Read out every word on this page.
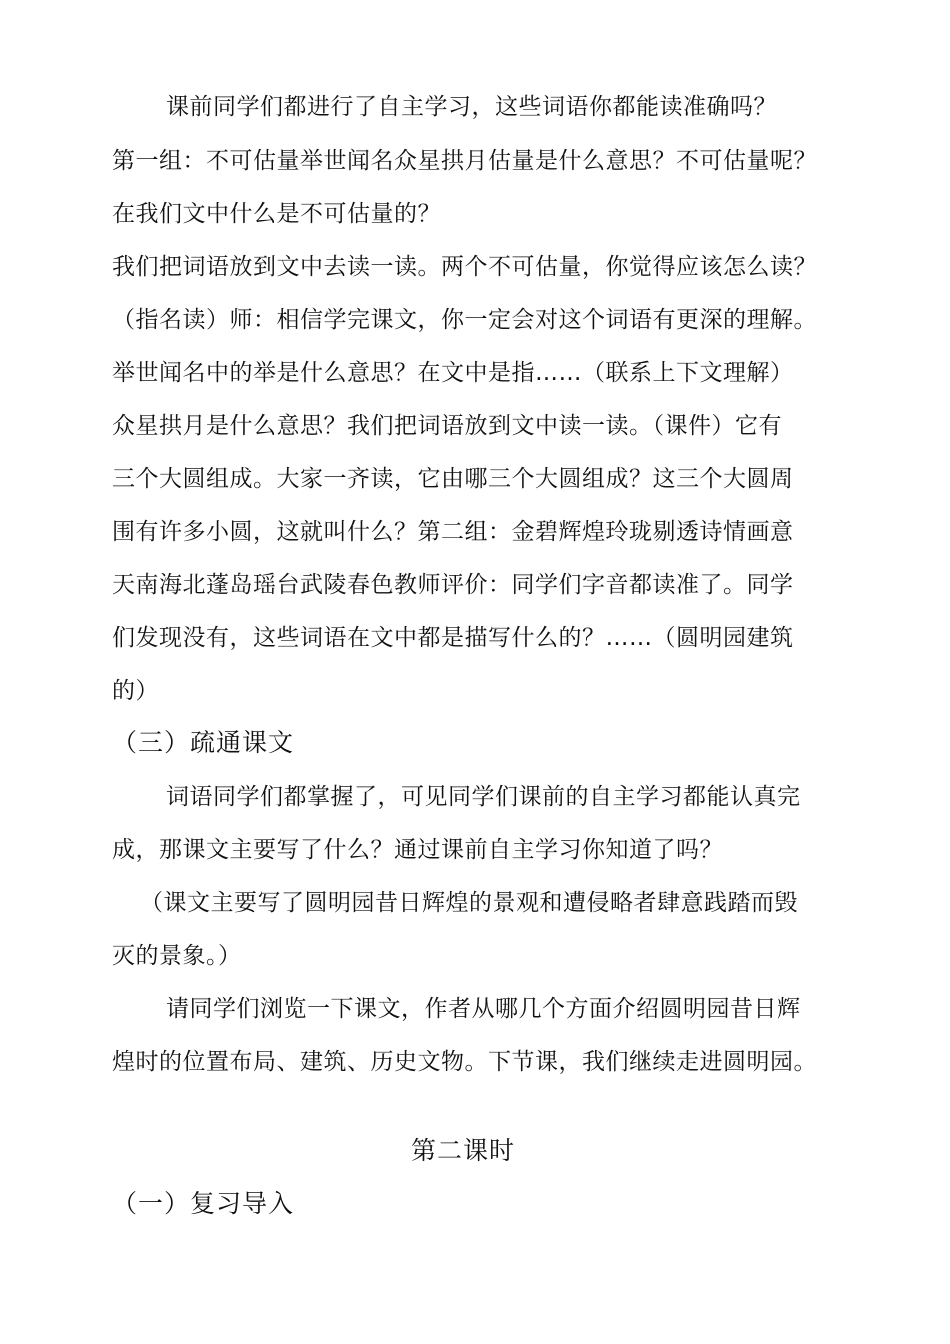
课前同学们都进行了自主学习，这些词语你都能读准确吗？
第一组：不可估量举世闻名众星拱月估量是什么意思？不可估量呢？
在我们文中什么是不可估量的？
我们把词语放到文中去读一读。两个不可估量，你觉得应该怎么读？
（指名读）师：相信学完课文，你一定会对这个词语有更深的理解。
举世闻名中的举是什么意思？在文中是指……（联系上下文理解）
众星拱月是什么意思？我们把词语放到文中读一读。（课件）它有
三个大圆组成。大家一齐读，它由哪三个大圆组成？这三个大圆周
围有许多小圆，这就叫什么？第二组：金碧辉煌玲珑剔透诗情画意
天南海北蓬岛瑶台武陵春色教师评价：同学们字音都读准了。同学
们发现没有，这些词语在文中都是描写什么的？……（圆明园建筑
的）
（三）疏通课文
词语同学们都掌握了，可见同学们课前的自主学习都能认真完
成，那课文主要写了什么？通过课前自主学习你知道了吗？
（课文主要写了圆明园昔日辉煌的景观和遭侵略者肆意践踏而毁
灭的景象。）
请同学们浏览一下课文，作者从哪几个方面介绍圆明园昔日辉
煌时的位置布局、建筑、历史文物。下节课，我们继续走进圆明园。
第二课时
（一）复习导入
